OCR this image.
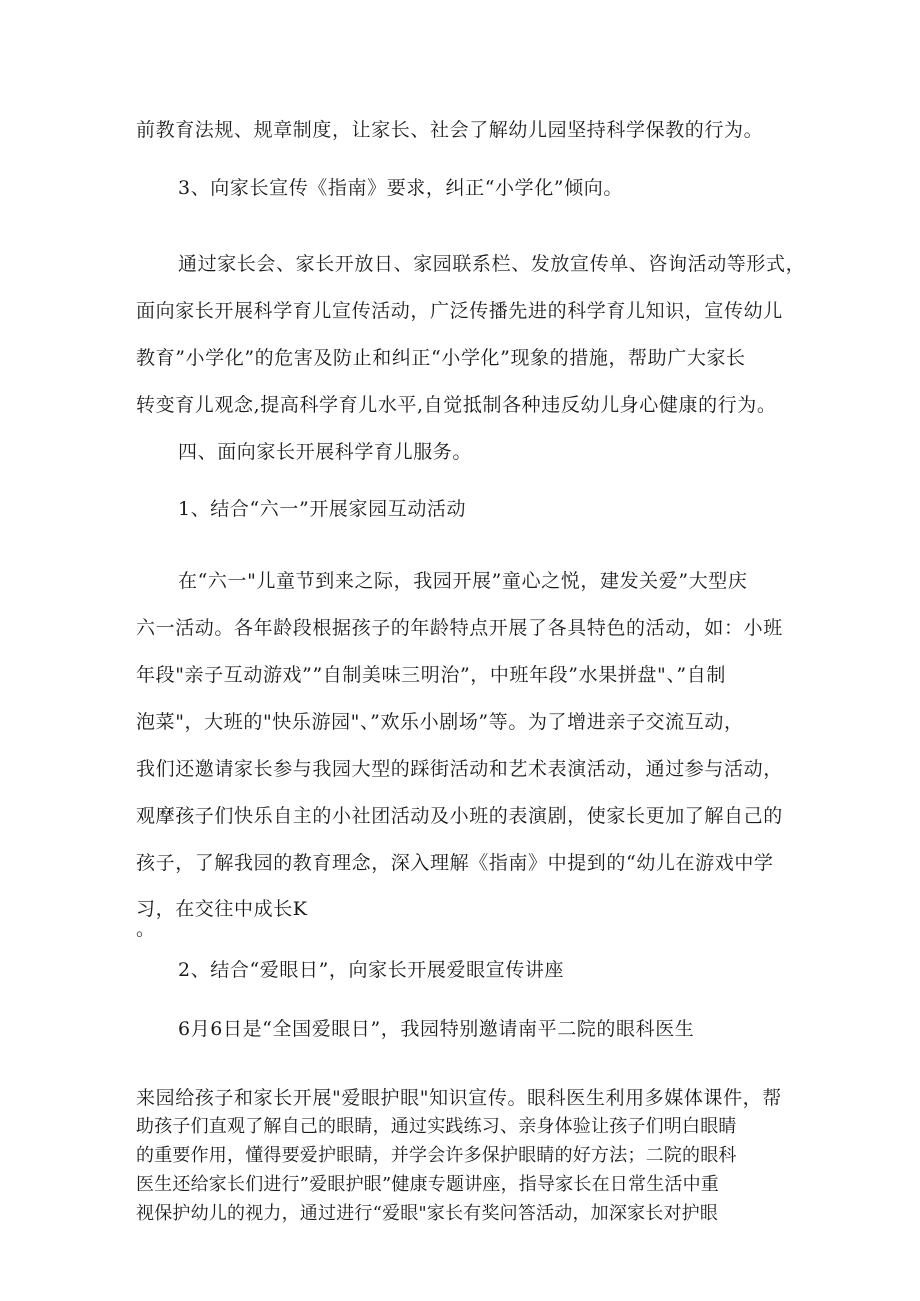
前教育法规、规章制度，让家长、社会了解幼儿园坚持科学保教的行为。

3、向家长宣传《指南》要求，纠正“小学化”倾向。

通过家长会、家长开放日、家园联系栏、发放宣传单、咨询活动等形式，

面向家长开展科学育儿宣传活动，广泛传播先进的科学育儿知识，宣传幼儿

教育”小学化”的危害及防止和纠正“小学化”现象的措施，帮助广大家长

转变育儿观念,提高科学育儿水平,自觉抵制各种违反幼儿身心健康的行为。

四、面向家长开展科学育儿服务。

1、结合“六一”开展家园互动活动

在“六一"儿童节到来之际，我园开展”童心之悦，建发关爱”大型庆

六一活动。各年龄段根据孩子的年龄特点开展了各具特色的活动，如：小班

年段"亲子互动游戏””自制美味三明治”，中班年段”水果拼盘"、”自制

泡菜"，大班的"快乐游园"、”欢乐小剧场”等。为了增进亲子交流互动，

我们还邀请家长参与我园大型的踩街活动和艺术表演活动，通过参与活动，

观摩孩子们快乐自主的小社团活动及小班的表演剧，使家长更加了解自己的

孩子，了解我园的教育理念，深入理解《指南》中提到的“幼儿在游戏中学

习，在交往中成长K

。

2、结合“爱眼日”，向家长开展爱眼宣传讲座

6月6日是“全国爱眼日”，我园特别邀请南平二院的眼科医生

来园给孩子和家长开展"爱眼护眼"知识宣传。眼科医生利用多媒体课件，帮

助孩子们直观了解自己的眼睛，通过实践练习、亲身体验让孩子们明白眼睛

的重要作用，懂得要爱护眼睛，并学会许多保护眼睛的好方法；二院的眼科

医生还给家长们进行”爱眼护眼”健康专题讲座，指导家长在日常生活中重

视保护幼儿的视力，通过进行“爱眼"家长有奖问答活动，加深家长对护眼
